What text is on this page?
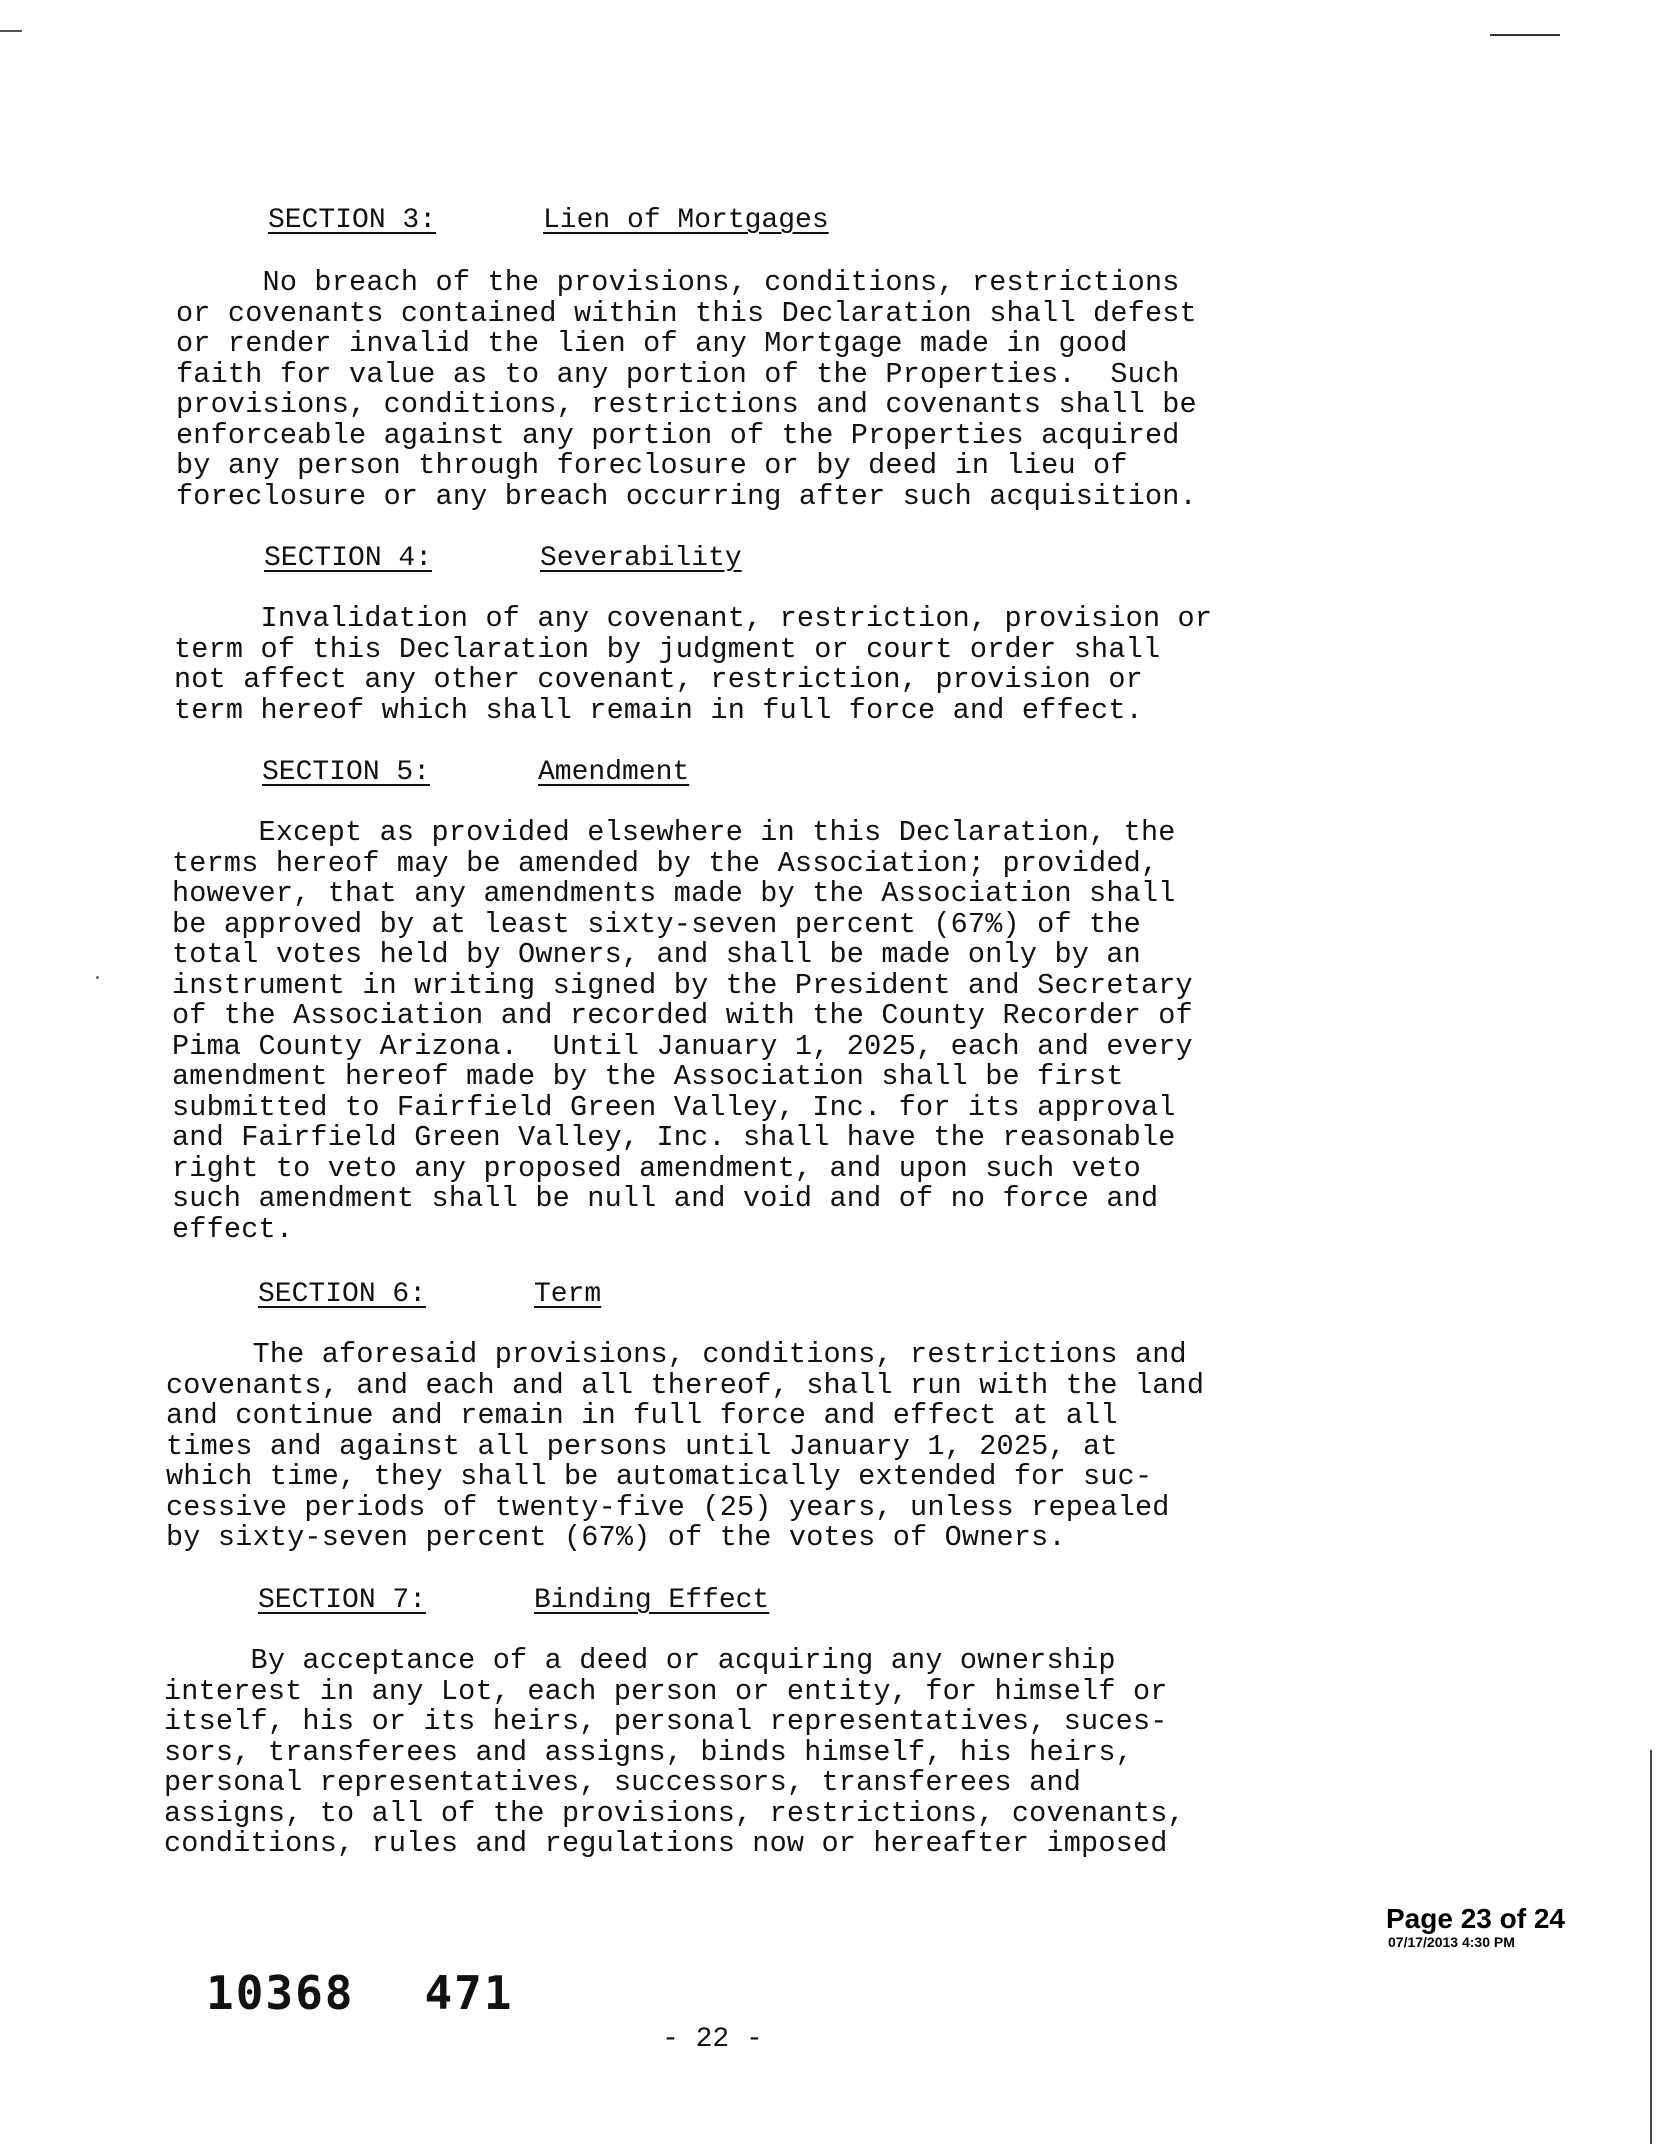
SECTION 3:	Lien of Mortgages
No breach of the provisions, conditions, restrictions
or covenants contained within this Declaration shall defest
or render invalid the lien of any Mortgage made in good
faith for value as to any portion of the Properties.  Such
provisions, conditions, restrictions and covenants shall be
enforceable against any portion of the Properties acquired
by any person through foreclosure or by deed in lieu of
foreclosure or any breach occurring after such acquisition.
SECTION 4:	Severability
Invalidation of any covenant, restriction, provision or
term of this Declaration by judgment or court order shall
not affect any other covenant, restriction, provision or
term hereof which shall remain in full force and effect.
SECTION 5:	Amendment
Except as provided elsewhere in this Declaration, the
terms hereof may be amended by the Association; provided,
however, that any amendments made by the Association shall
be approved by at least sixty-seven percent (67%) of the
total votes held by Owners, and shall be made only by an
instrument in writing signed by the President and Secretary
of the Association and recorded with the County Recorder of
Pima County Arizona.  Until January 1, 2025, each and every
amendment hereof made by the Association shall be first
submitted to Fairfield Green Valley, Inc. for its approval
and Fairfield Green Valley, Inc. shall have the reasonable
right to veto any proposed amendment, and upon such veto
such amendment shall be null and void and of no force and
effect.
SECTION 6:	Term
The aforesaid provisions, conditions, restrictions and
covenants, and each and all thereof, shall run with the land
and continue and remain in full force and effect at all
times and against all persons until January 1, 2025, at
which time, they shall be automatically extended for suc-
cessive periods of twenty-five (25) years, unless repealed
by sixty-seven percent (67%) of the votes of Owners.
SECTION 7:	Binding Effect
By acceptance of a deed or acquiring any ownership
interest in any Lot, each person or entity, for himself or
itself, his or its heirs, personal representatives, suces-
sors, transferees and assigns, binds himself, his heirs,
personal representatives, successors, transferees and
assigns, to all of the provisions, restrictions, covenants,
conditions, rules and regulations now or hereafter imposed
Page 23 of 24
07/17/2013 4:30 PM
10368 471
- 22 -
